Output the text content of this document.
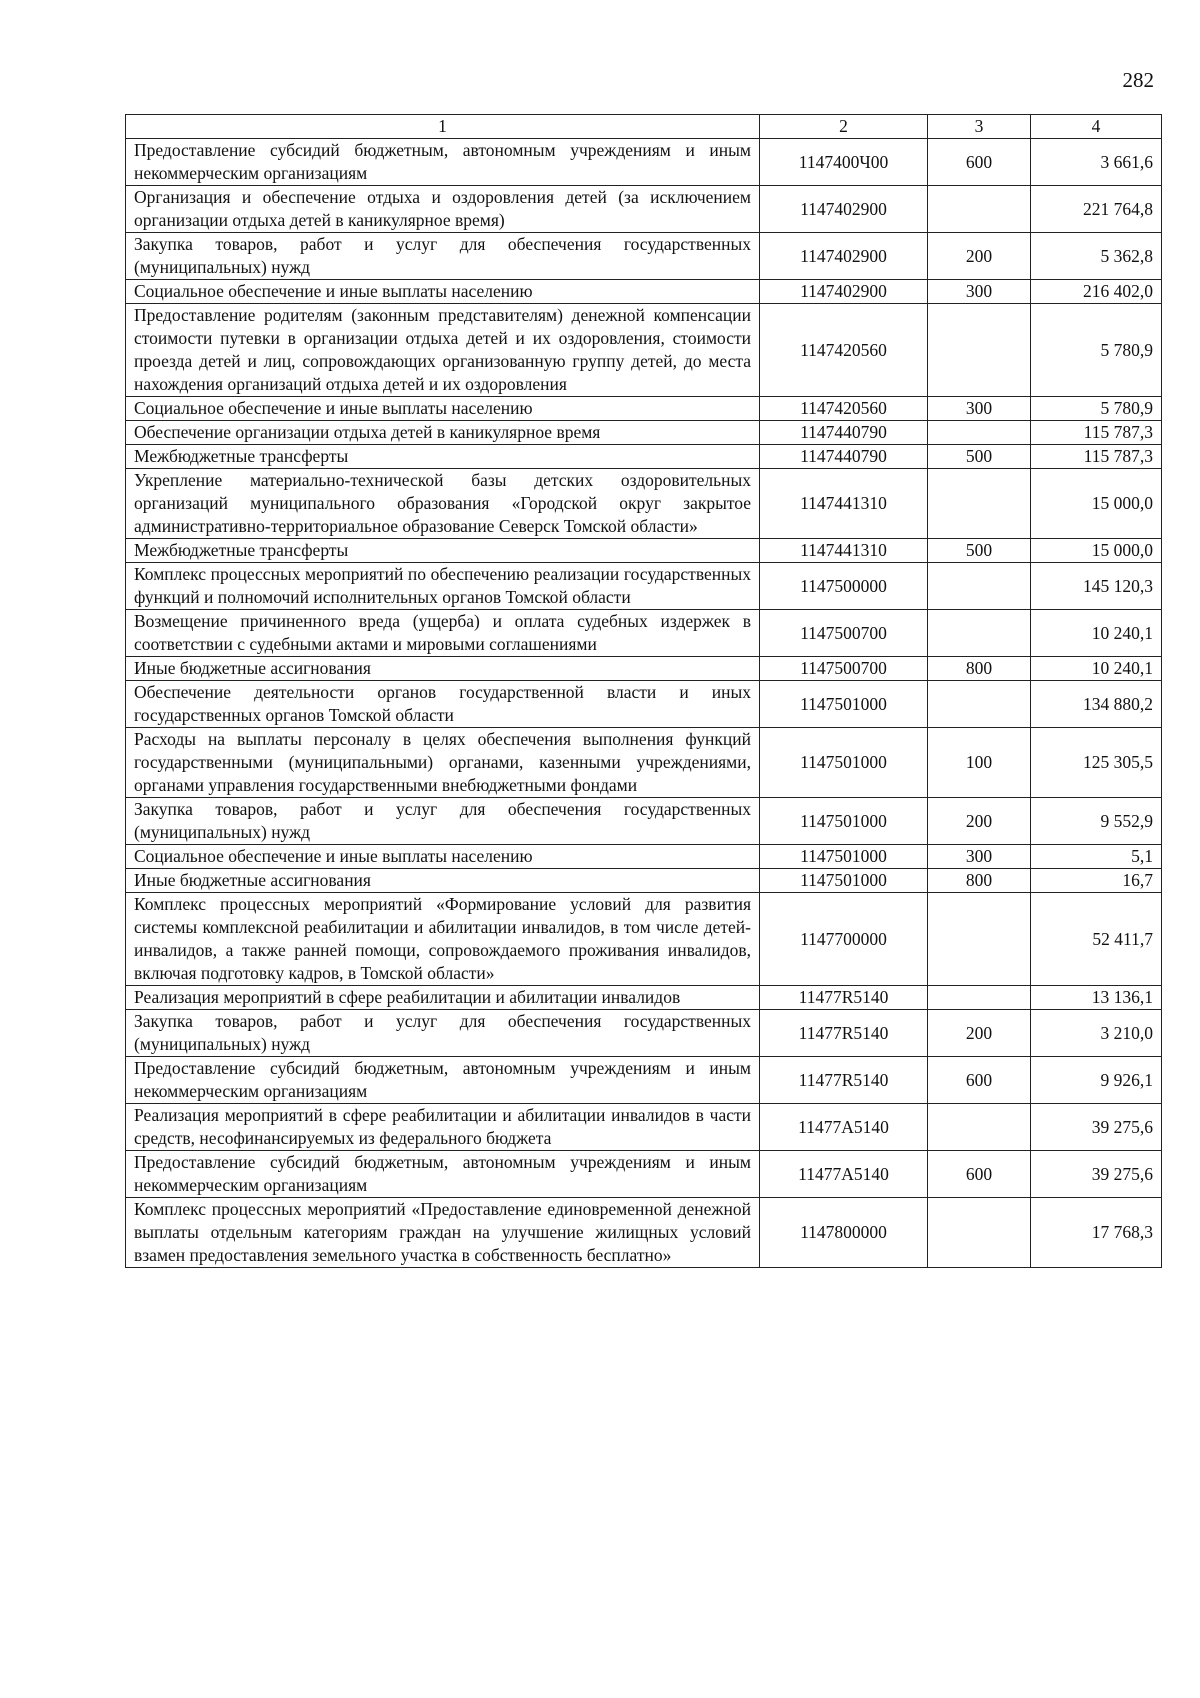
282
1	2	3	4
Предоставление субсидий бюджетным, автономным учреждениям и иным некоммерческим организациям	1147400Ч00	600	3 661,6
Организация и обеспечение отдыха и оздоровления детей (за исключением организации отдыха детей в каникулярное время)	1147402900		221 764,8
Закупка товаров, работ и услуг для обеспечения государственных (муниципальных) нужд	1147402900	200	5 362,8
Социальное обеспечение и иные выплаты населению	1147402900	300	216 402,0
Предоставление родителям (законным представителям) денежной компенсации стоимости путевки в организации отдыха детей и их оздоровления, стоимости проезда детей и лиц, сопровождающих организованную группу детей, до места нахождения организаций отдыха детей и их оздоровления	1147420560		5 780,9
Социальное обеспечение и иные выплаты населению	1147420560	300	5 780,9
Обеспечение организации отдыха детей в каникулярное время	1147440790		115 787,3
Межбюджетные трансферты	1147440790	500	115 787,3
Укрепление материально-технической базы детских оздоровительных организаций муниципального образования «Городской округ закрытое административно-территориальное образование Северск Томской области»	1147441310		15 000,0
Межбюджетные трансферты	1147441310	500	15 000,0
Комплекс процессных мероприятий по обеспечению реализации государственных функций и полномочий исполнительных органов Томской области	1147500000		145 120,3
Возмещение причиненного вреда (ущерба) и оплата судебных издержек в соответствии с судебными актами и мировыми соглашениями	1147500700		10 240,1
Иные бюджетные ассигнования	1147500700	800	10 240,1
Обеспечение деятельности органов государственной власти и иных государственных органов Томской области	1147501000		134 880,2
Расходы на выплаты персоналу в целях обеспечения выполнения функций государственными (муниципальными) органами, казенными учреждениями, органами управления государственными внебюджетными фондами	1147501000	100	125 305,5
Закупка товаров, работ и услуг для обеспечения государственных (муниципальных) нужд	1147501000	200	9 552,9
Социальное обеспечение и иные выплаты населению	1147501000	300	5,1
Иные бюджетные ассигнования	1147501000	800	16,7
Комплекс процессных мероприятий «Формирование условий для развития системы комплексной реабилитации и абилитации инвалидов, в том числе детей-инвалидов, а также ранней помощи, сопровождаемого проживания инвалидов, включая подготовку кадров, в Томской области»	1147700000		52 411,7
Реализация мероприятий в сфере реабилитации и абилитации инвалидов	11477R5140		13 136,1
Закупка товаров, работ и услуг для обеспечения государственных (муниципальных) нужд	11477R5140	200	3 210,0
Предоставление субсидий бюджетным, автономным учреждениям и иным некоммерческим организациям	11477R5140	600	9 926,1
Реализация мероприятий в сфере реабилитации и абилитации инвалидов в части средств, несофинансируемых из федерального бюджета	11477A5140		39 275,6
Предоставление субсидий бюджетным, автономным учреждениям и иным некоммерческим организациям	11477A5140	600	39 275,6
Комплекс процессных мероприятий «Предоставление единовременной денежной выплаты отдельным категориям граждан на улучшение жилищных условий взамен предоставления земельного участка в собственность бесплатно»	1147800000		17 768,3
